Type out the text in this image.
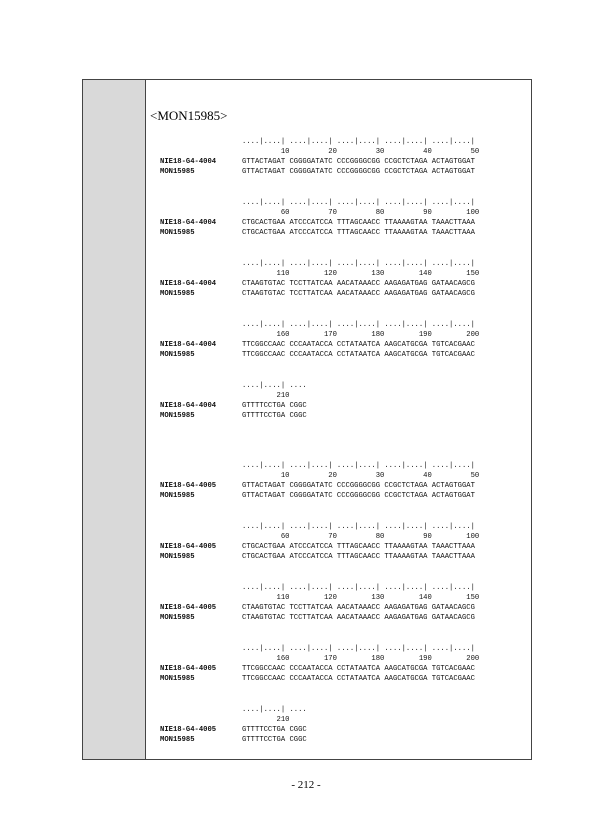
<MON15985>
....|....| ....|....| ....|....| ....|....| ....|....|
10         20         30         40         50
NIE18-G4-4004	GTTACTAGAT CGGGGATATC CCCGGGGCGG CCGCTCTAGA ACTAGTGGAT
MON15985	GTTACTAGAT CGGGGATATC CCCGGGGCGG CCGCTCTAGA ACTAGTGGAT
....|....| ....|....| ....|....| ....|....| ....|....|
60         70         80         90        100
NIE18-G4-4004	CTGCACTGAA ATCCCATCCA TTTAGCAACC TTAAAAGTAA TAAACTTAAA
MON15985	CTGCACTGAA ATCCCATCCA TTTAGCAACC TTAAAAGTAA TAAACTTAAA
....|....| ....|....| ....|....| ....|....| ....|....|
110        120        130        140        150
NIE18-G4-4004	CTAAGTGTAC TCCTTATCAA AACATAAACC AAGAGATGAG GATAACAGCG
MON15985	CTAAGTGTAC TCCTTATCAA AACATAAACC AAGAGATGAG GATAACAGCG
....|....| ....|....| ....|....| ....|....| ....|....|
160        170        180        190        200
NIE18-G4-4004	TTCGGCCAAC CCCAATACCA CCTATAATCA AAGCATGCGA TGTCACGAAC
MON15985	TTCGGCCAAC CCCAATACCA CCTATAATCA AAGCATGCGA TGTCACGAAC
....|....| ....
210
NIE18-G4-4004	GTTTTCCTGA CGGC
MON15985	GTTTTCCTGA CGGC
....|....| ....|....| ....|....| ....|....| ....|....|
10         20         30         40         50
NIE18-G4-4005	GTTACTAGAT CGGGGATATC CCCGGGGCGG CCGCTCTAGA ACTAGTGGAT
MON15985	GTTACTAGAT CGGGGATATC CCCGGGGCGG CCGCTCTAGA ACTAGTGGAT
....|....| ....|....| ....|....| ....|....| ....|....|
60         70         80         90        100
NIE18-G4-4005	CTGCACTGAA ATCCCATCCA TTTAGCAACC TTAAAAGTAA TAAACTTAAA
MON15985	CTGCACTGAA ATCCCATCCA TTTAGCAACC TTAAAAGTAA TAAACTTAAA
....|....| ....|....| ....|....| ....|....| ....|....|
110        120        130        140        150
NIE18-G4-4005	CTAAGTGTAC TCCTTATCAA AACATAAACC AAGAGATGAG GATAACAGCG
MON15985	CTAAGTGTAC TCCTTATCAA AACATAAACC AAGAGATGAG GATAACAGCG
....|....| ....|....| ....|....| ....|....| ....|....|
160        170        180        190        200
NIE18-G4-4005	TTCGGCCAAC CCCAATACCA CCTATAATCA AAGCATGCGA TGTCACGAAC
MON15985	TTCGGCCAAC CCCAATACCA CCTATAATCA AAGCATGCGA TGTCACGAAC
....|....| ....
210
NIE18-G4-4005	GTTTTCCTGA CGGC
MON15985	GTTTTCCTGA CGGC
- 212 -
